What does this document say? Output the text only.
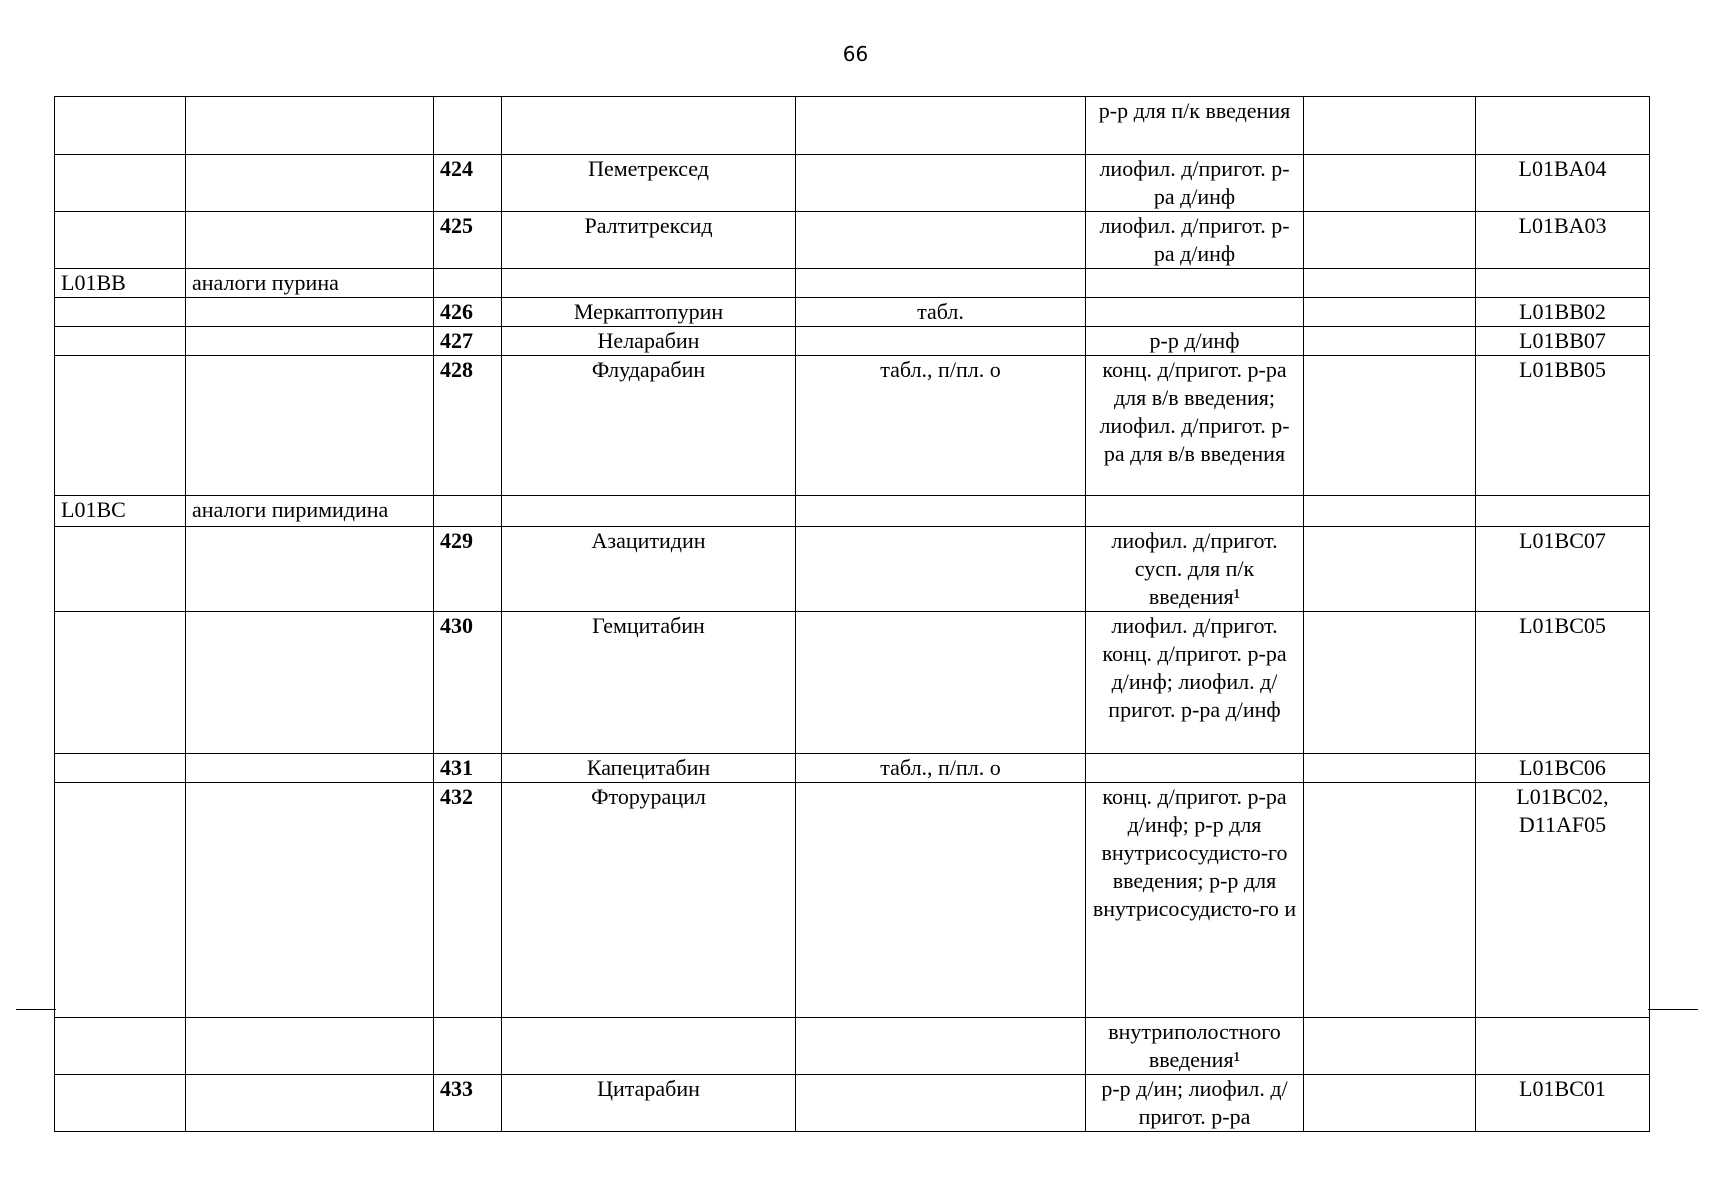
66
					р-р для п/к введения		
		424	Пеметрексед		лиофил. д/пригот. р-ра д/инф		L01BA04
		425	Ралтитрексид		лиофил. д/пригот. р-ра д/инф		L01BA03
L01BB	аналоги пурина						
		426	Меркаптопурин	табл.			L01BB02
		427	Неларабин		р-р д/инф		L01BB07
		428	Флударабин	табл., п/пл. о	конц. д/пригот. р-ра для в/в введения; лиофил. д/пригот. р-ра для в/в введения		L01BB05
L01BC	аналоги пиримидина						
		429	Азацитидин		лиофил. д/пригот. сусп. для п/к введения¹		L01BC07
		430	Гемцитабин		лиофил. д/пригот. конц. д/пригот. р-ра д/инф; лиофил. д/пригот. р-ра д/инф		L01BC05
		431	Капецитабин	табл., п/пл. о			L01BC06
		432	Фторурацил		конц. д/пригот. р-ра д/инф; р-р для внутрисосудисто-го введения; р-р для внутрисосудисто-го и		L01BC02, D11AF05
					внутриполостного введения¹		
		433	Цитарабин		р-р д/ин; лиофил. д/пригот. р-ра		L01BC01
